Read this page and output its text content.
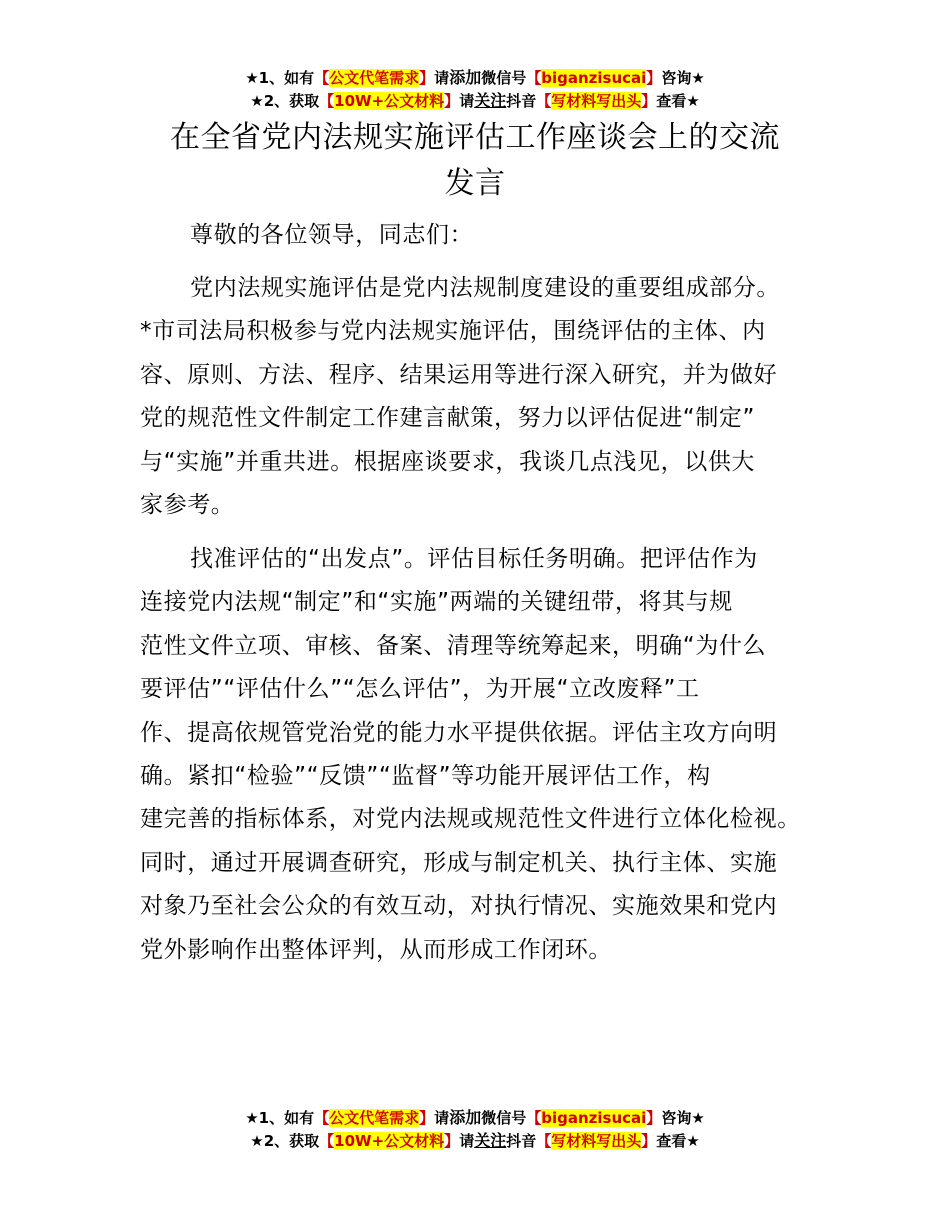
★1、如有【公文代笔需求】请添加微信号【biganzisucai】咨询★
★2、获取【10W+公文材料】请关注抖音【写材料写出头】查看★
在全省党内法规实施评估工作座谈会上的交流
发言
尊敬的各位领导，同志们：
党内法规实施评估是党内法规制度建设的重要组成部分。
*市司法局积极参与党内法规实施评估，围绕评估的主体、内
容、原则、方法、程序、结果运用等进行深入研究，并为做好
党的规范性文件制定工作建言献策，努力以评估促进“制定”
与“实施”并重共进。根据座谈要求，我谈几点浅见，以供大
家参考。
找准评估的“出发点”。评估目标任务明确。把评估作为
连接党内法规“制定”和“实施”两端的关键纽带，将其与规
范性文件立项、审核、备案、清理等统筹起来，明确“为什么
要评估”“评估什么”“怎么评估”，为开展“立改废释”工
作、提高依规管党治党的能力水平提供依据。评估主攻方向明
确。紧扣“检验”“反馈”“监督”等功能开展评估工作，构
建完善的指标体系，对党内法规或规范性文件进行立体化检视。
同时，通过开展调查研究，形成与制定机关、执行主体、实施
对象乃至社会公众的有效互动，对执行情况、实施效果和党内
党外影响作出整体评判，从而形成工作闭环。
★1、如有【公文代笔需求】请添加微信号【biganzisucai】咨询★
★2、获取【10W+公文材料】请关注抖音【写材料写出头】查看★
